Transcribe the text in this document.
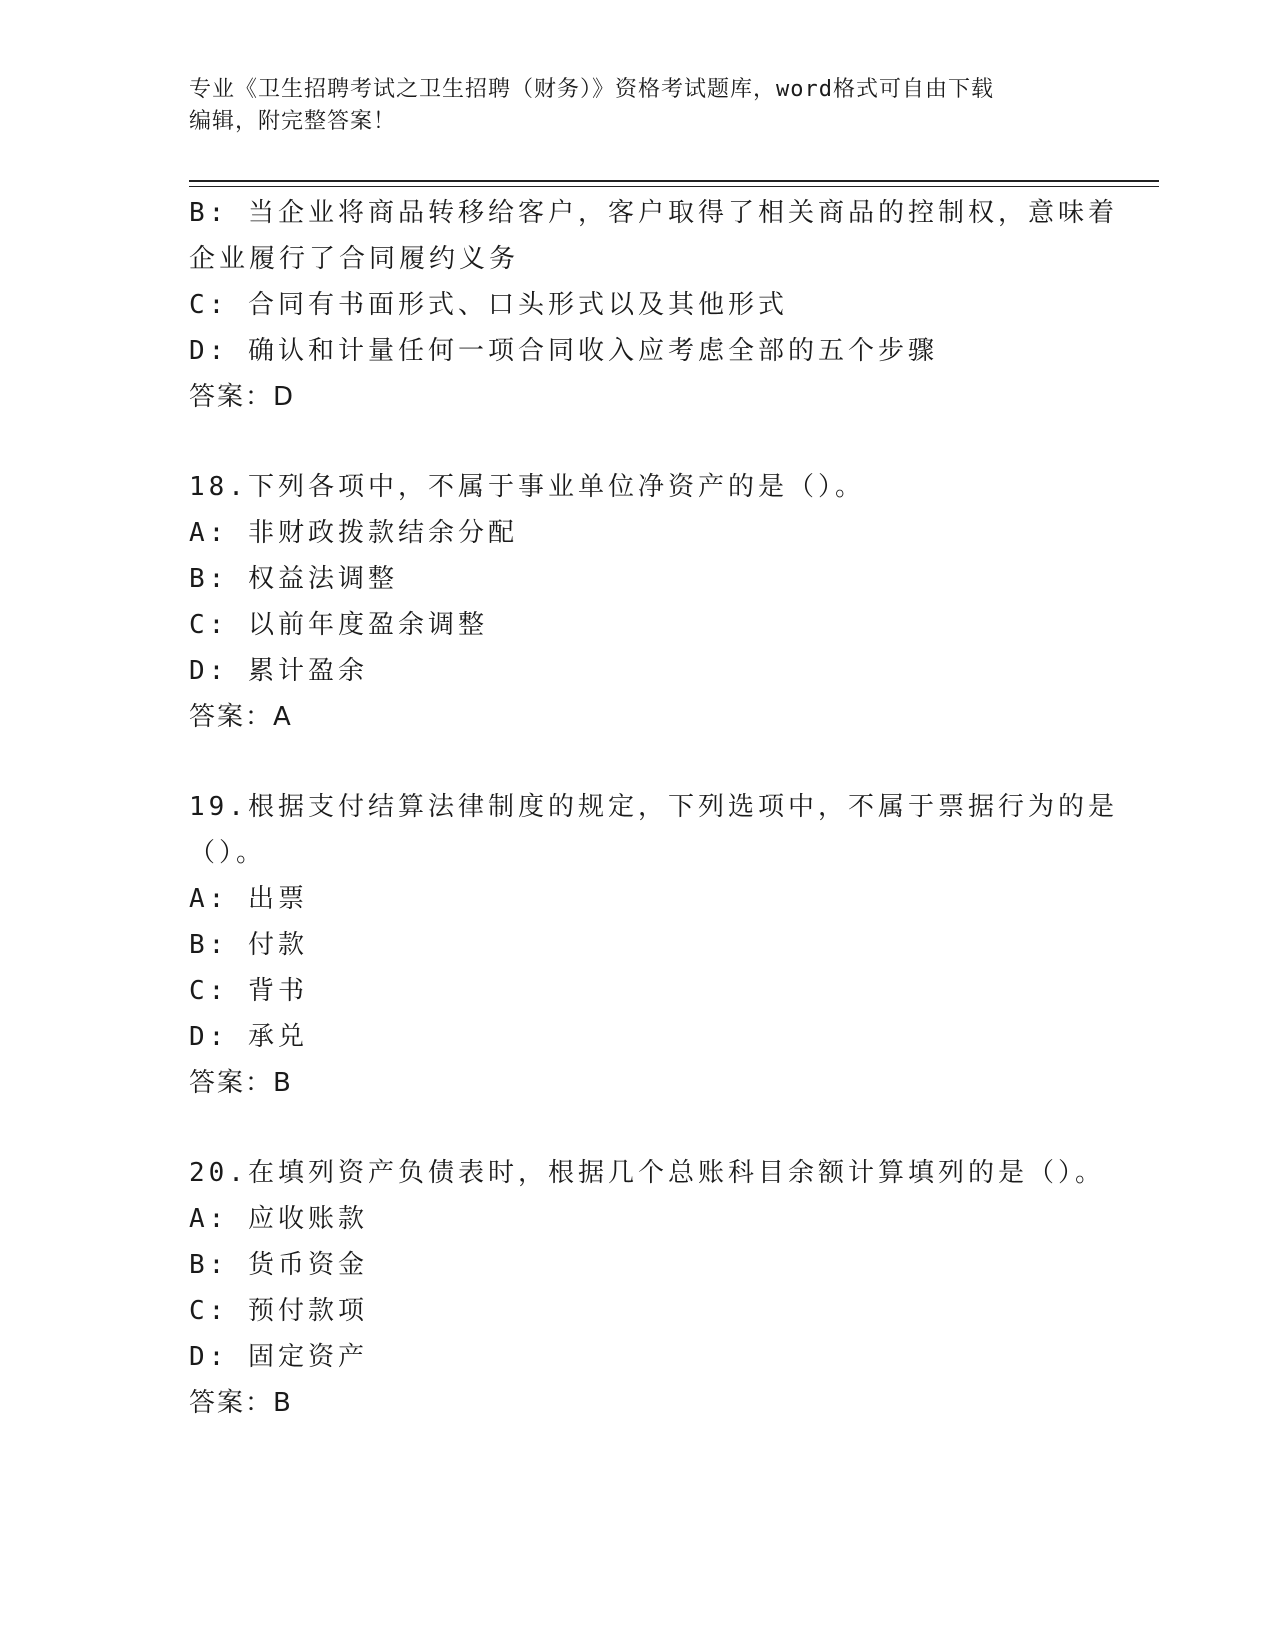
专业《卫生招聘考试之卫生招聘（财务）》资格考试题库，word格式可自由下载
编辑，附完整答案！
B: 当企业将商品转移给客户，客户取得了相关商品的控制权，意味着
企业履行了合同履约义务
C: 合同有书面形式、口头形式以及其他形式
D: 确认和计量任何一项合同收入应考虑全部的五个步骤
答案：D
18.下列各项中，不属于事业单位净资产的是（）。
A: 非财政拨款结余分配
B: 权益法调整
C: 以前年度盈余调整
D: 累计盈余
答案：A
19.根据支付结算法律制度的规定，下列选项中，不属于票据行为的是
（）。
A: 出票
B: 付款
C: 背书
D: 承兑
答案：B
20.在填列资产负债表时，根据几个总账科目余额计算填列的是（）。
A: 应收账款
B: 货币资金
C: 预付款项
D: 固定资产
答案：B
